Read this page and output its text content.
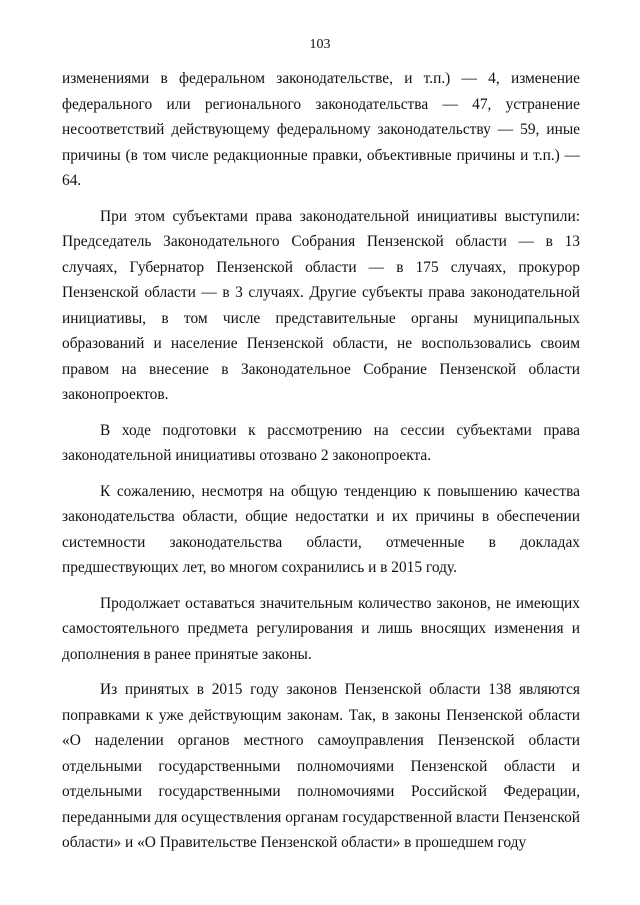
103

изменениями в федеральном законодательстве, и т.п.) — 4, изменение федерального или регионального законодательства — 47, устранение несоответствий действующему федеральному законодательству — 59, иные причины (в том числе редакционные правки, объективные причины и т.п.) — 64.

При этом субъектами права законодательной инициативы выступили: Председатель Законодательного Собрания Пензенской области — в 13 случаях, Губернатор Пензенской области — в 175 случаях, прокурор Пензенской области — в 3 случаях. Другие субъекты права законодательной инициативы, в том числе представительные органы муниципальных образований и население Пензенской области, не воспользовались своим правом на внесение в Законодательное Собрание Пензенской области законопроектов.

В ходе подготовки к рассмотрению на сессии субъектами права законодательной инициативы отозвано 2 законопроекта.

К сожалению, несмотря на общую тенденцию к повышению качества законодательства области, общие недостатки и их причины в обеспечении системности законодательства области, отмеченные в докладах предшествующих лет, во многом сохранились и в 2015 году.

Продолжает оставаться значительным количество законов, не имеющих самостоятельного предмета регулирования и лишь вносящих изменения и дополнения в ранее принятые законы.

Из принятых в 2015 году законов Пензенской области 138 являются поправками к уже действующим законам. Так, в законы Пензенской области «О наделении органов местного самоуправления Пензенской области отдельными государственными полномочиями Пензенской области и отдельными государственными полномочиями Российской Федерации, переданными для осуществления органам государственной власти Пензенской области» и «О Правительстве Пензенской области» в прошедшем году
